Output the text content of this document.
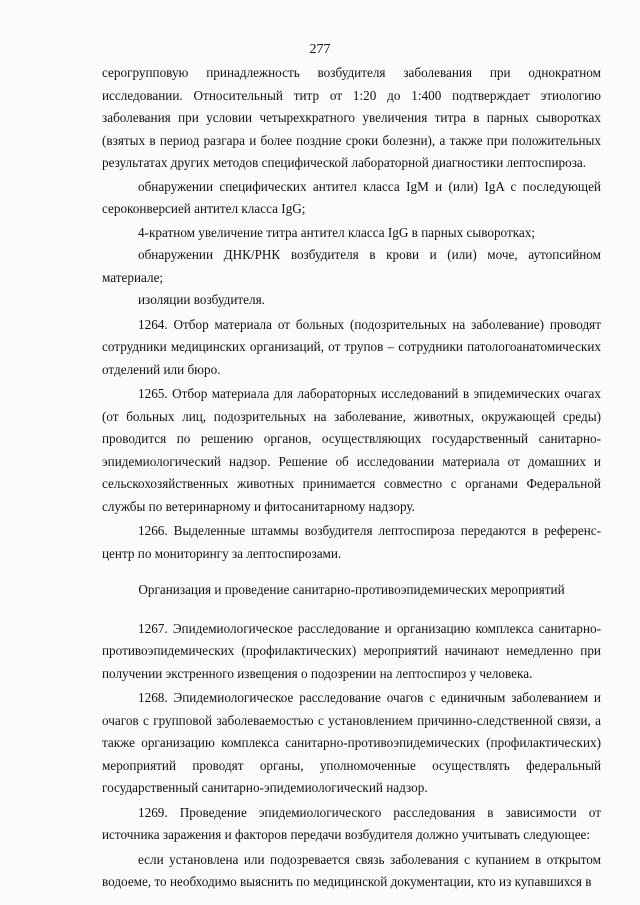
277

серогрупповую принадлежность возбудителя заболевания при однократном исследовании. Относительный титр от 1:20 до 1:400 подтверждает этиологию заболевания при условии четырехкратного увеличения титра в парных сыворотках (взятых в период разгара и более поздние сроки болезни), а также при положительных результатах других методов специфической лабораторной диагностики лептоспироза.

обнаружении специфических антител класса IgM и (или) IgA с последующей сероконверсией антител класса IgG;

4-кратном увеличение титра антител класса IgG в парных сыворотках;

обнаружении ДНК/РНК возбудителя в крови и (или) моче, аутопсийном материале;

изоляции возбудителя.

1264. Отбор материала от больных (подозрительных на заболевание) проводят сотрудники медицинских организаций, от трупов – сотрудники патологоанатомических отделений или бюро.

1265. Отбор материала для лабораторных исследований в эпидемических очагах (от больных лиц, подозрительных на заболевание, животных, окружающей среды) проводится по решению органов, осуществляющих государственный санитарно-эпидемиологический надзор. Решение об исследовании материала от домашних и сельскохозяйственных животных принимается совместно с органами Федеральной службы по ветеринарному и фитосанитарному надзору.

1266. Выделенные штаммы возбудителя лептоспироза передаются в референс-центр по мониторингу за лептоспирозами.

Организация и проведение санитарно-противоэпидемических мероприятий

1267. Эпидемиологическое расследование и организацию комплекса санитарно-противоэпидемических (профилактических) мероприятий начинают немедленно при получении экстренного извещения о подозрении на лептоспироз у человека.

1268. Эпидемиологическое расследование очагов с единичным заболеванием и очагов с групповой заболеваемостью с установлением причинно-следственной связи, а также организацию комплекса санитарно-противоэпидемических (профилактических) мероприятий проводят органы, уполномоченные осуществлять федеральный государственный санитарно-эпидемиологический надзор.

1269. Проведение эпидемиологического расследования в зависимости от источника заражения и факторов передачи возбудителя должно учитывать следующее:

если установлена или подозревается связь заболевания с купанием в открытом водоеме, то необходимо выяснить по медицинской документации, кто из купавшихся в
